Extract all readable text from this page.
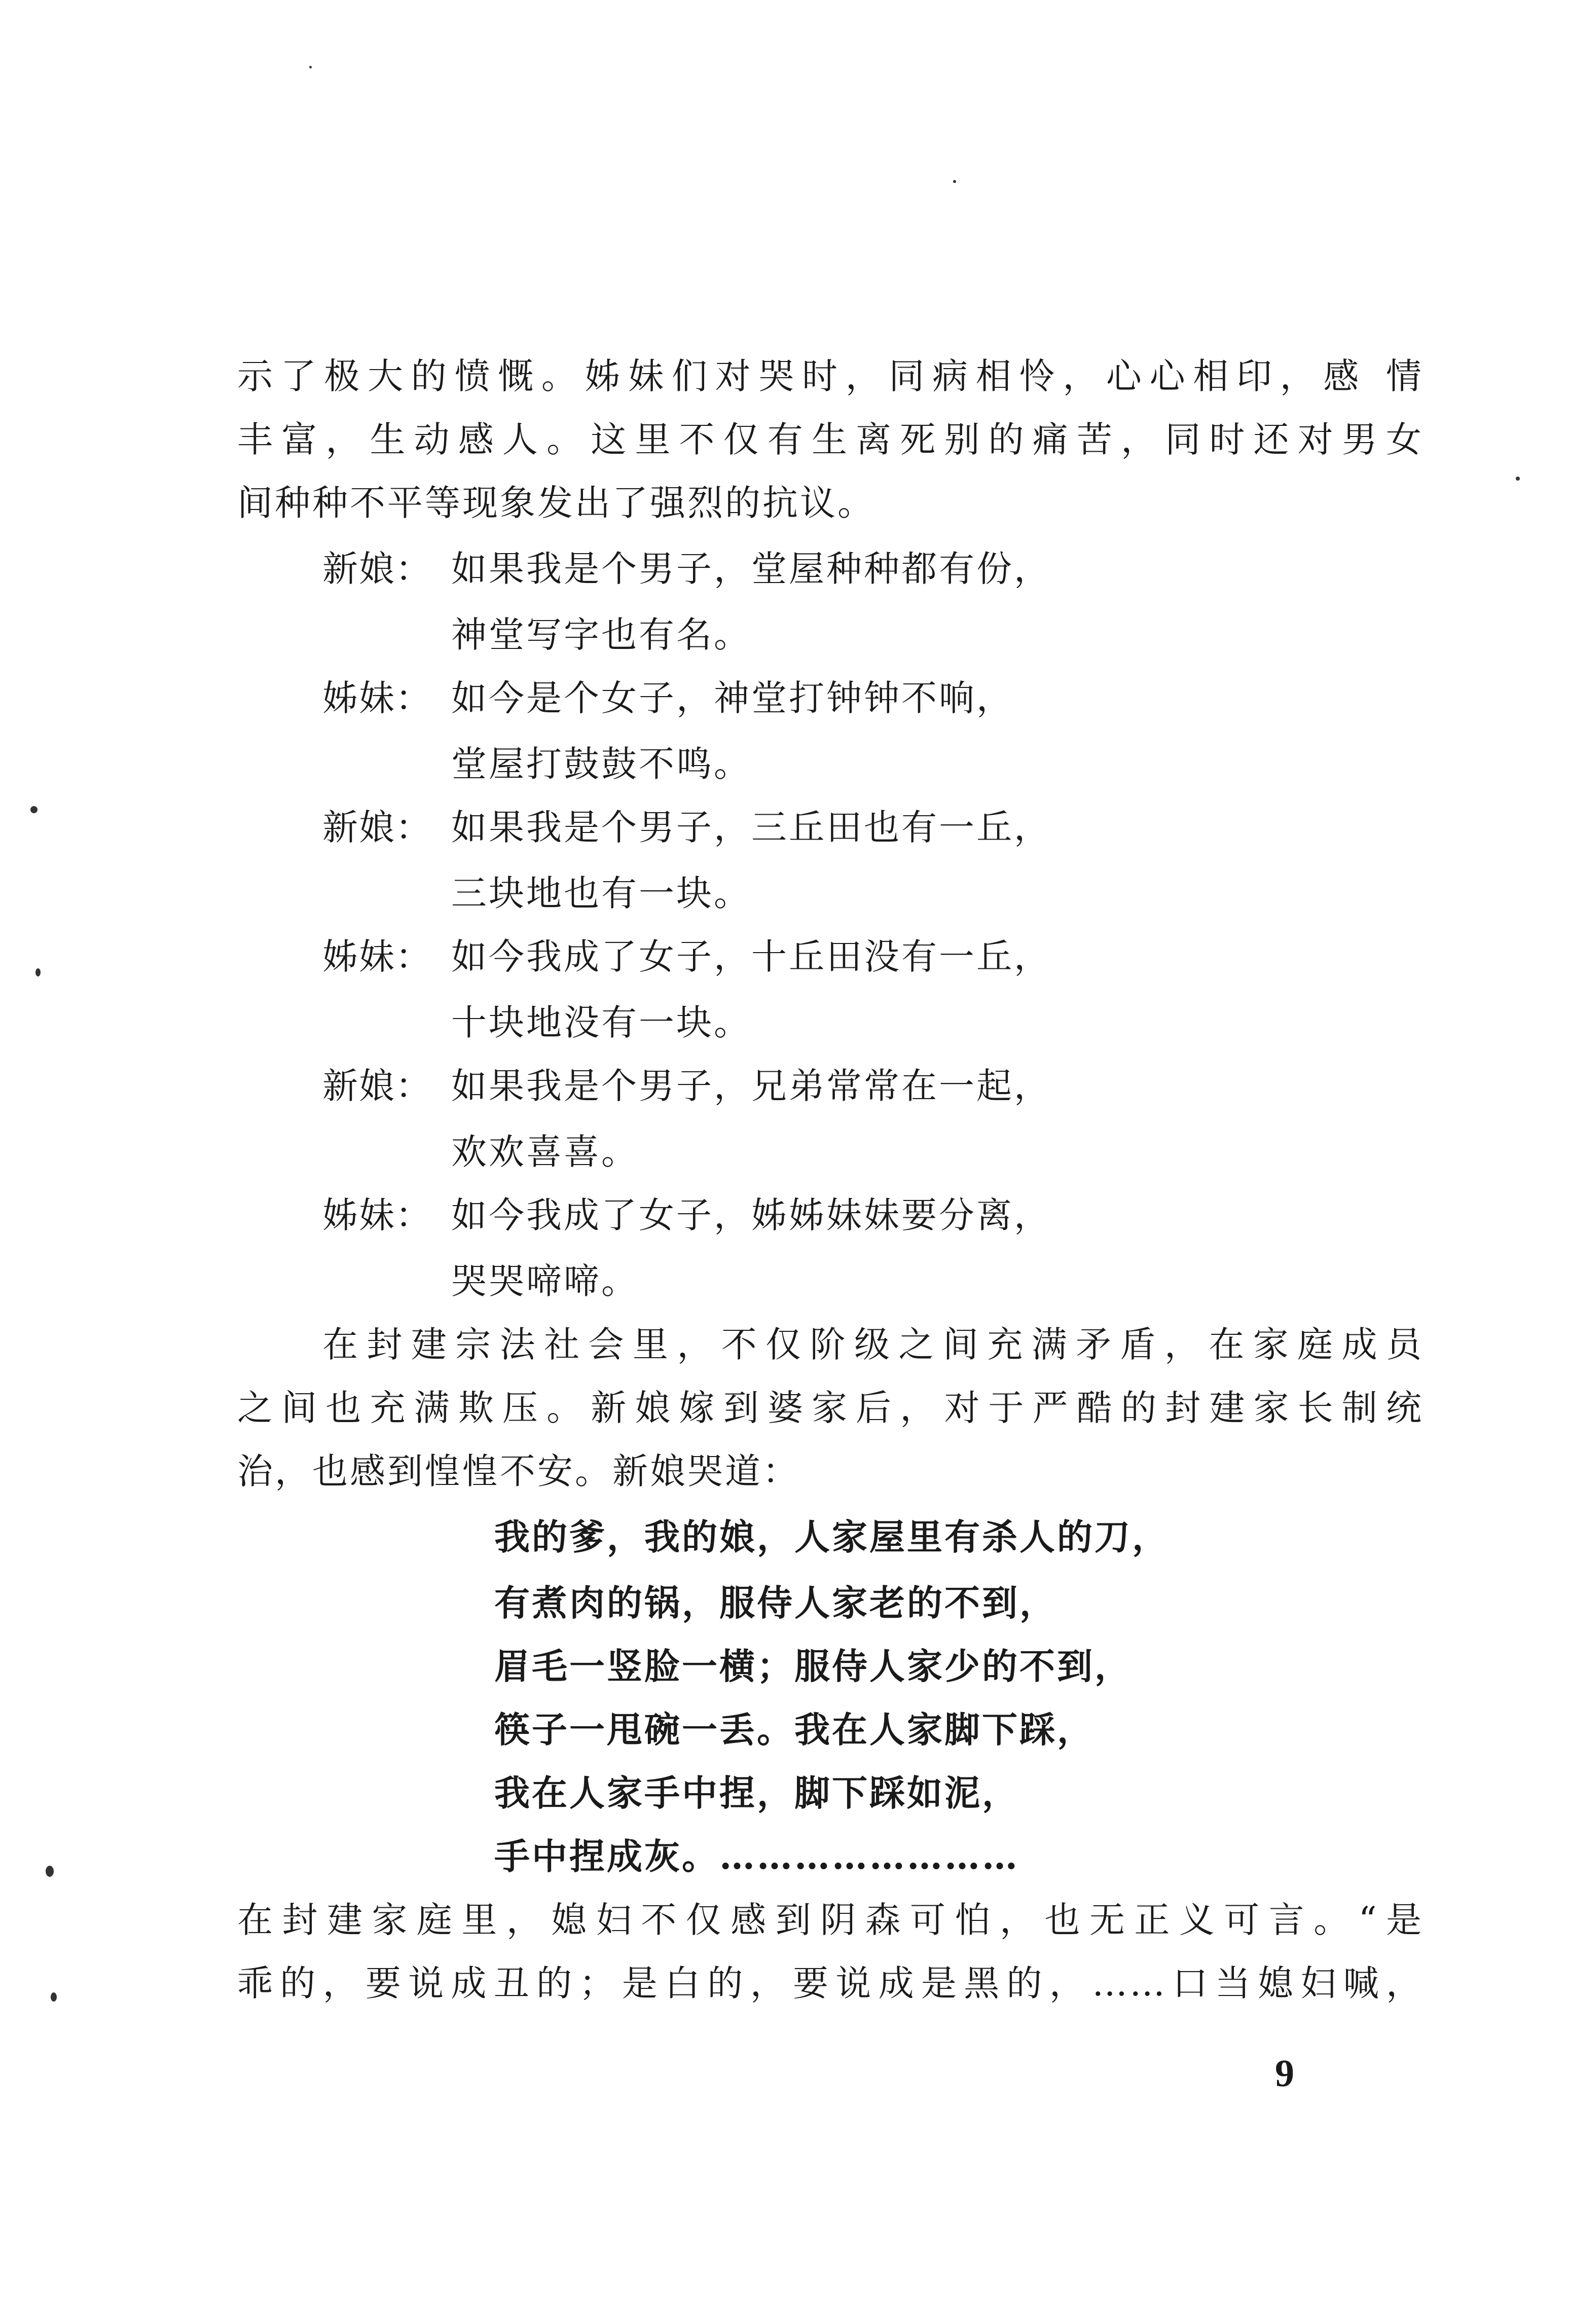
示了极大的愤慨。姊妹们对哭时，同病相怜，心心相印，感 情
丰富，生动感人。这里不仅有生离死别的痛苦，同时还对男女
间种种不平等现象发出了强烈的抗议。
新娘： 如果我是个男子，堂屋种种都有份，
神堂写字也有名。
姊妹： 如今是个女子，神堂打钟钟不响，
堂屋打鼓鼓不鸣。
新娘： 如果我是个男子，三丘田也有一丘，
三块地也有一块。
姊妹： 如今我成了女子，十丘田没有一丘，
十块地没有一块。
新娘： 如果我是个男子，兄弟常常在一起，
欢欢喜喜。
姊妹： 如今我成了女子，姊姊妹妹要分离，
哭哭啼啼。
在封建宗法社会里，不仅阶级之间充满矛盾，在家庭成员
之间也充满欺压。新娘嫁到婆家后，对于严酷的封建家长制统
治，也感到惶惶不安。新娘哭道：
我的爹，我的娘，人家屋里有杀人的刀，
有煮肉的锅，服侍人家老的不到，
眉毛一竖脸一横；服侍人家少的不到，
筷子一甩碗一丢。我在人家脚下踩，
我在人家手中捏，脚下踩如泥，
手中捏成灰。……………………
在封建家庭里，媳妇不仅感到阴森可怕，也无正义可言。“是
乖的，要说成丑的；是白的，要说成是黑的，……口当媳妇喊，
9
